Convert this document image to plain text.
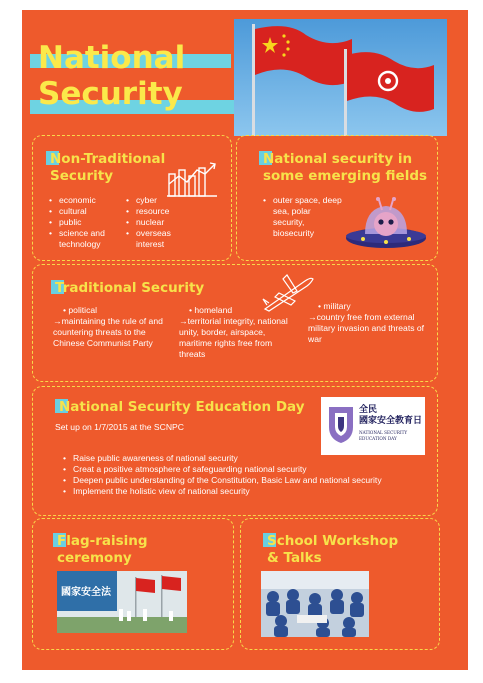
National
Security
Non-Traditional
Security
• economic
• cultural
• public
• science and technology
• cyber
• resource
• nuclear
• overseas interest
National security in
some emerging fields
• outer space, deep sea, polar security, biosecurity
Traditional Security
• political
→maintaining the rule of and countering threats to the Chinese Communist Party
• homeland
→territorial integrity, national unity, border, airspace, maritime rights free from threats
• military
→country free from external military invasion and threats of war
National Security Education Day
Set up on 1/7/2015 at the SCNPC
全民
國家安全教育日
NATIONAL SECURITY
EDUCATION DAY
• Raise public awareness of national security
• Creat a positive atmosphere of safeguarding national security
• Deepen public understanding of the Constitution, Basic Law and national security
• Implement the holistic view of national security
Flag-raising
ceremony
國家安全法
School Workshop
& Talks
